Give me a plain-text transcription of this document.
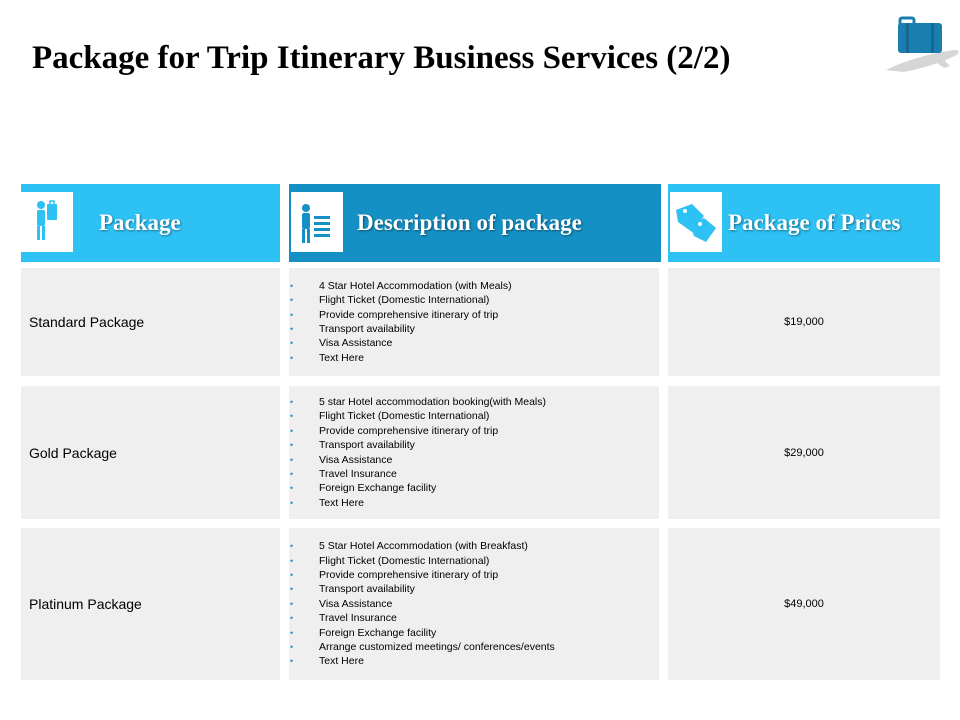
Package for Trip Itinerary Business Services (2/2)
Package	Description of package	Package of Prices
Standard Package
• 4 Star Hotel Accommodation (with Meals)
• Flight Ticket (Domestic International)
• Provide comprehensive itinerary of trip
• Transport availability
• Visa Assistance
• Text Here
$19,000
Gold Package
• 5 star Hotel accommodation booking(with Meals)
• Flight Ticket (Domestic International)
• Provide comprehensive itinerary of trip
• Transport availability
• Visa Assistance
• Travel Insurance
• Foreign Exchange facility
• Text Here
$29,000
Platinum Package
• 5 Star Hotel Accommodation (with Breakfast)
• Flight Ticket (Domestic International)
• Provide comprehensive itinerary of trip
• Transport availability
• Visa Assistance
• Travel Insurance
• Foreign Exchange facility
• Arrange customized meetings/ conferences/events
• Text Here
$49,000
